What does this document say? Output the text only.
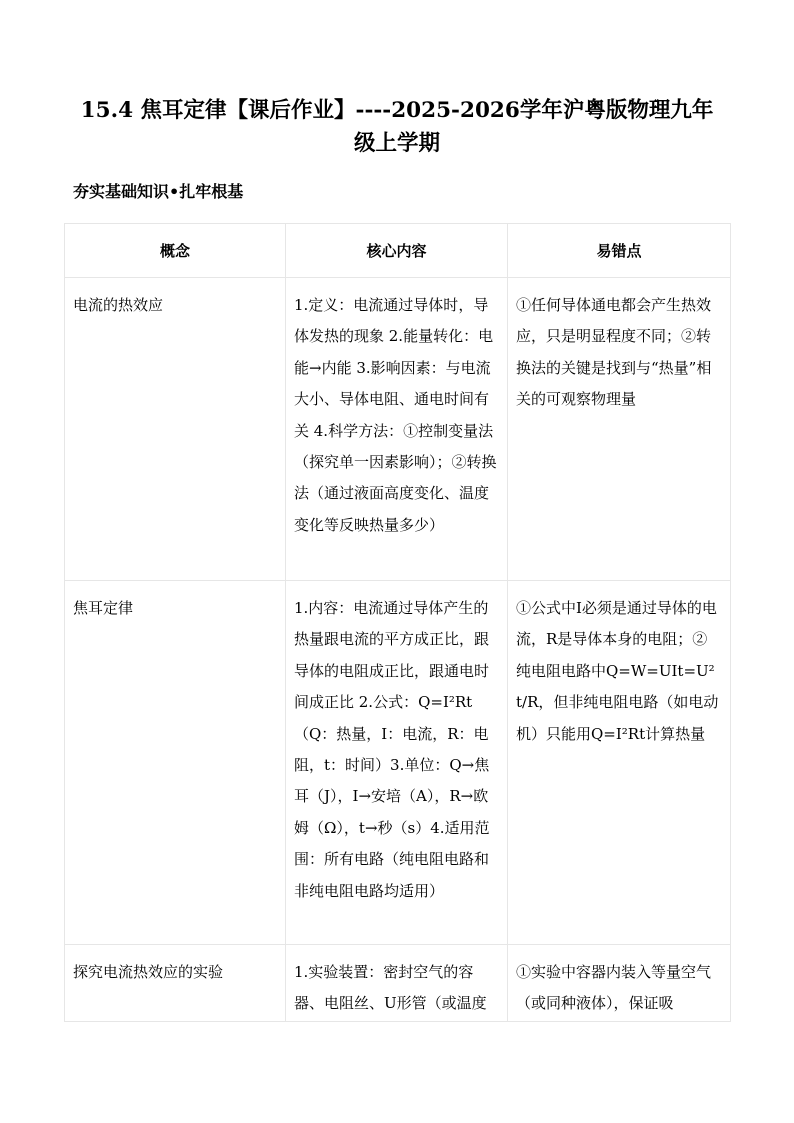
15.4 焦耳定律【课后作业】----2025-2026学年沪粤版物理九年级上学期
夯实基础知识•扎牢根基
概念	核心内容	易错点

电流的热效应	1.定义：电流通过导体时，导体发热的现象 2.能量转化：电能→内能 3.影响因素：与电流大小、导体电阻、通电时间有关 4.科学方法：①控制变量法（探究单一因素影响）；②转换法（通过液面高度变化、温度变化等反映热量多少）	①任何导体通电都会产生热效应，只是明显程度不同；②转换法的关键是找到与“热量”相关的可观察物理量

焦耳定律	1.内容：电流通过导体产生的热量跟电流的平方成正比，跟导体的电阻成正比，跟通电时间成正比 2.公式：Q=I²Rt（Q：热量，I：电流，R：电阻，t：时间）3.单位：Q→焦耳（J），I→安培（A），R→欧姆（Ω），t→秒（s）4.适用范围：所有电路（纯电阻电路和非纯电阻电路均适用）	①公式中I必须是通过导体的电流，R是导体本身的电阻；②纯电阻电路中Q=W=UIt=U²t/R，但非纯电阻电路（如电动机）只能用Q=I²Rt计算热量

探究电流热效应的实验	1.实验装置：密封空气的容器、电阻丝、U形管（或温度	①实验中容器内装入等量空气（或同种液体），保证吸
